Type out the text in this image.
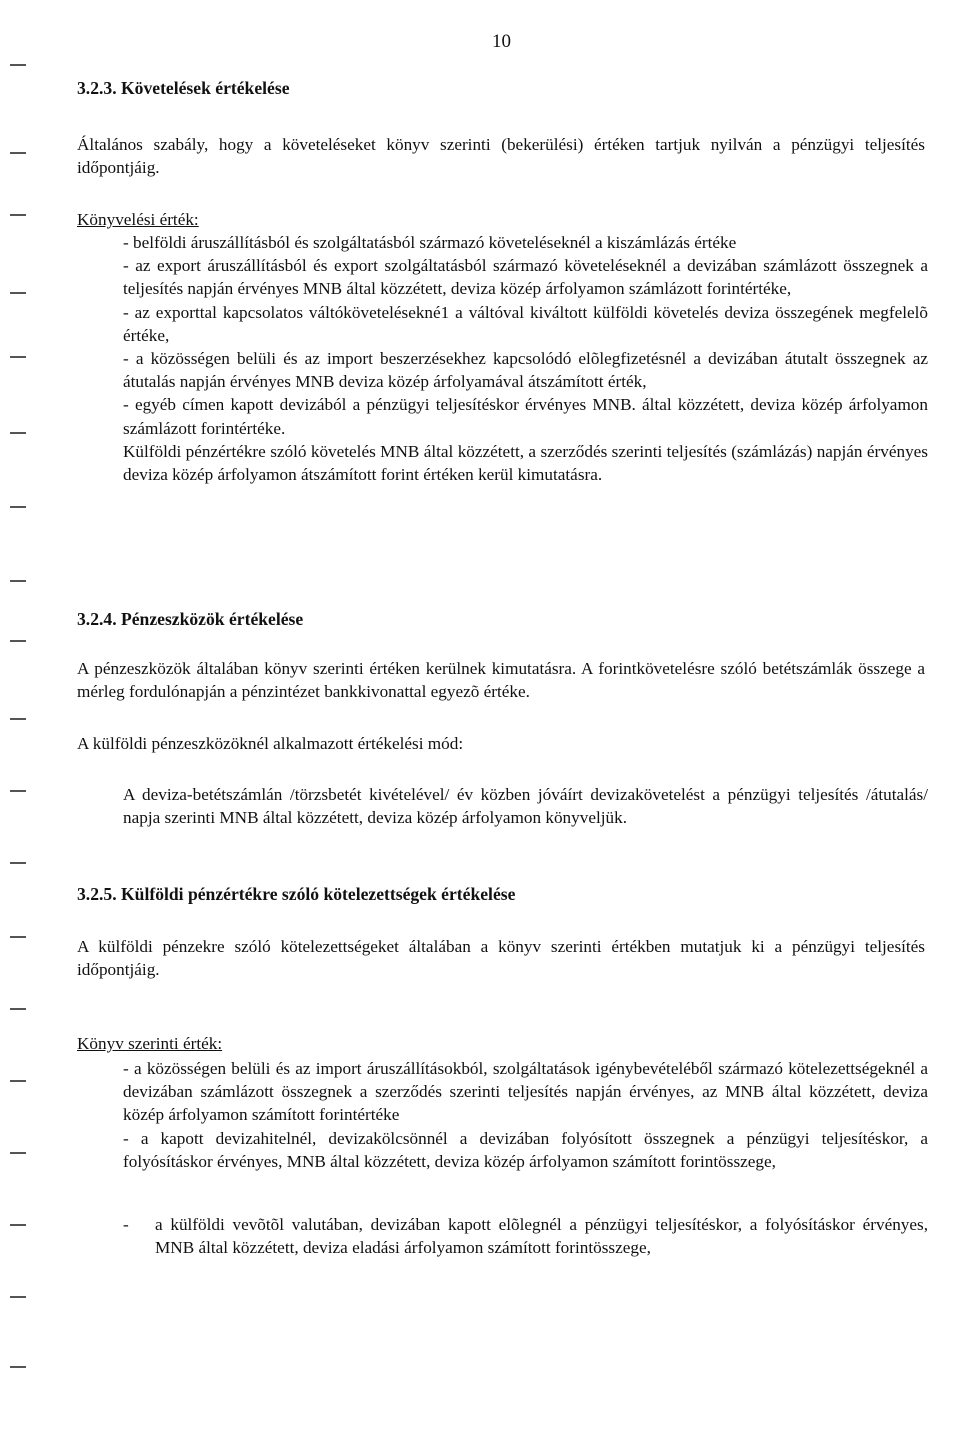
10
3.2.3. Követelések értékelése
Általános szabály, hogy a követeléseket könyv szerinti (bekerülési) értéken tartjuk nyilván a pénzügyi teljesítés időpontjáig.
Könyvelési érték:
- belföldi áruszállításból és szolgáltatásból származó követeléseknél a kiszámlázás értéke
- az export áruszállításból és export szolgáltatásból származó követeléseknél a devizában számlázott összegnek a teljesítés napján érvényes MNB által közzétett, deviza közép árfolyamon számlázott forintértéke,
- az exporttal kapcsolatos váltókövetelésekné1 a váltóval kiváltott külföldi követelés deviza összegének megfelelõ értéke,
- a közösségen belüli és az import beszerzésekhez kapcsolódó elõlegfizetésnél a devizában átutalt összegnek az átutalás napján érvényes MNB deviza közép árfolyamával átszámított érték,
- egyéb címen kapott devizából a pénzügyi teljesítéskor érvényes MNB. által közzétett, deviza közép árfolyamon számlázott forintértéke.
Külföldi pénzértékre szóló követelés MNB által közzétett, a szerződés szerinti teljesítés (számlázás) napján érvényes deviza közép árfolyamon átszámított forint értéken kerül kimutatásra.
3.2.4. Pénzeszközök értékelése
A pénzeszközök általában könyv szerinti értéken kerülnek kimutatásra. A forintkövetelésre szóló betétszámlák összege a mérleg fordulónapján a pénzintézet bankkivonattal egyezõ értéke.
A külföldi pénzeszközöknél alkalmazott értékelési mód:
A deviza-betétszámlán /törzsbetét kivételével/ év közben jóváírt devizakövetelést a pénzügyi teljesítés /átutalás/ napja szerinti MNB által közzétett, deviza közép árfolyamon könyveljük.
3.2.5. Külföldi pénzértékre szóló kötelezettségek értékelése
A külföldi pénzekre szóló kötelezettségeket általában a könyv szerinti értékben mutatjuk ki a pénzügyi teljesítés időpontjáig.
Könyv szerinti érték:
- a közösségen belüli és az import áruszállításokból, szolgáltatások igénybevételéből származó kötelezettségeknél a devizában számlázott összegnek a szerződés szerinti teljesítés napján érvényes, az MNB által közzétett, deviza közép árfolyamon számított forintértéke
- a kapott devizahitelnél, devizakölcsönnél a devizában folyósított összegnek a pénzügyi teljesítéskor, a folyósításkor érvényes, MNB által közzétett, deviza közép árfolyamon számított forintösszege,
- a külföldi vevõtõl valutában, devizában kapott elõlegnél a pénzügyi teljesítéskor, a folyósításkor érvényes, MNB által közzétett, deviza eladási árfolyamon számított forintösszege,
